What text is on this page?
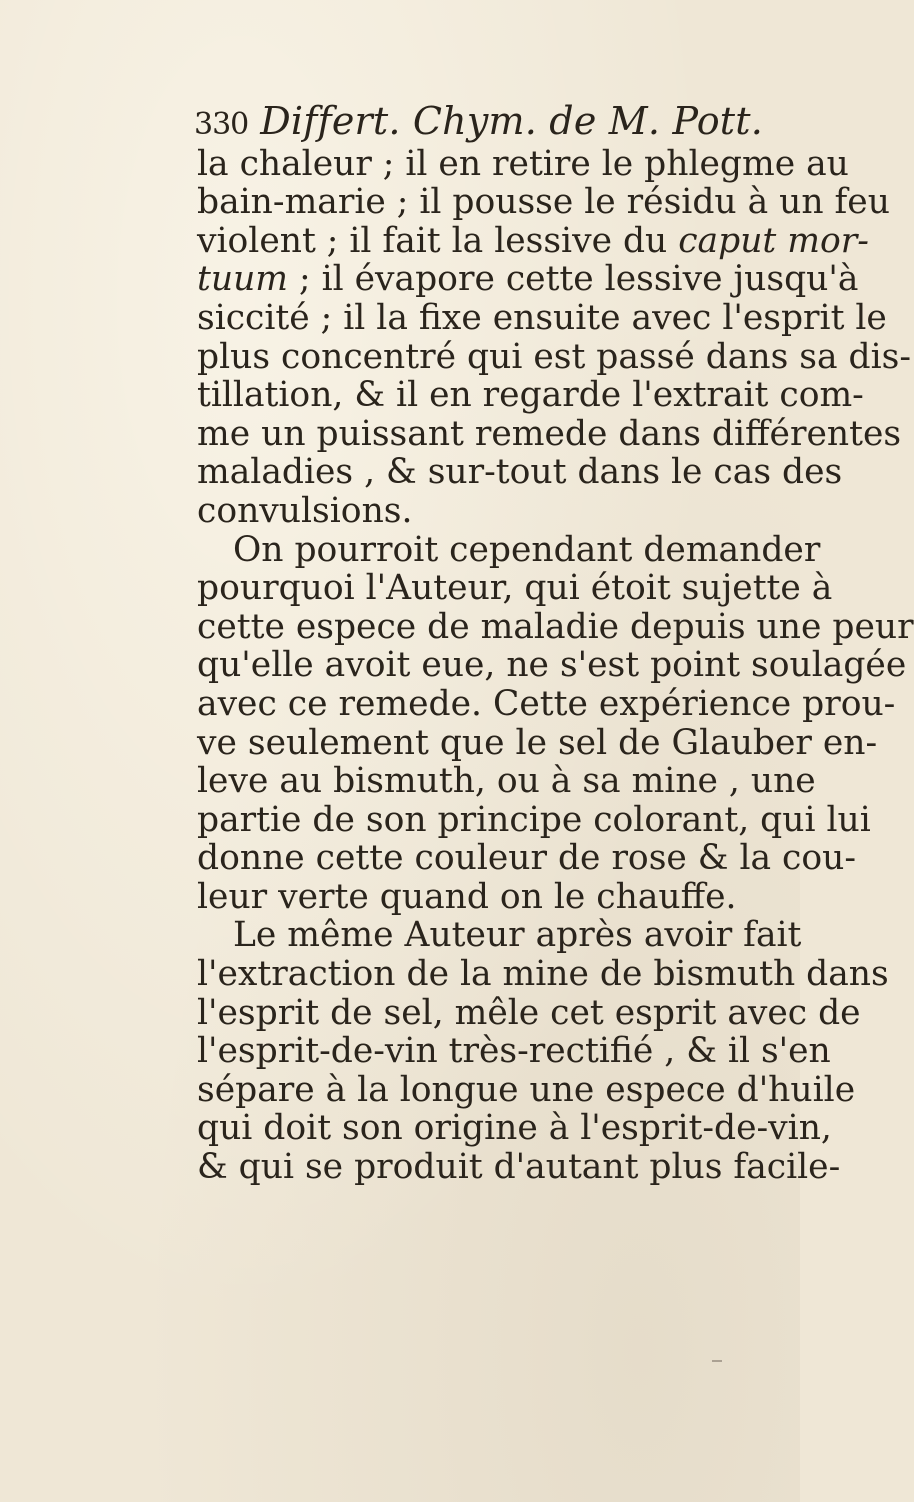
330 Differt. Chym. de M. Pott.
la chaleur ; il en retire le phlegme au
bain-marie ; il pousse le résidu à un feu
violent ; il fait la lessive du caput mor-
tuum ; il évapore cette lessive jusqu'à
siccité ; il la fixe ensuite avec l'esprit le
plus concentré qui est passé dans sa dis-
tillation, & il en regarde l'extrait com-
me un puissant remede dans différentes
maladies , & sur-tout dans le cas des
convulsions.
On pourroit cependant demander
pourquoi l'Auteur, qui étoit sujette à
cette espece de maladie depuis une peur
qu'elle avoit eue, ne s'est point soulagée
avec ce remede. Cette expérience prou-
ve seulement que le sel de Glauber en-
leve au bismuth, ou à sa mine , une
partie de son principe colorant, qui lui
donne cette couleur de rose & la cou-
leur verte quand on le chauffe.
Le même Auteur après avoir fait
l'extraction de la mine de bismuth dans
l'esprit de sel, mêle cet esprit avec de
l'esprit-de-vin très-rectifié , & il s'en
sépare à la longue une espece d'huile
qui doit son origine à l'esprit-de-vin,
& qui se produit d'autant plus facile-
